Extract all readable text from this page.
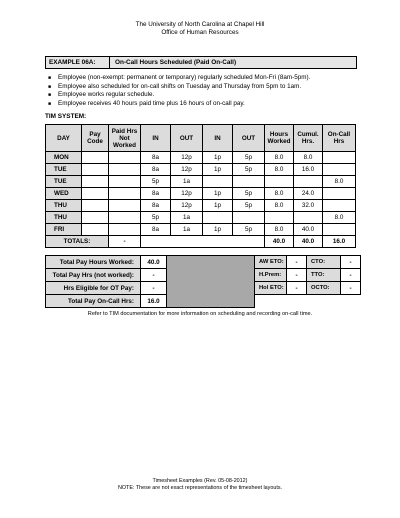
The University of North Carolina at Chapel Hill
Office of Human Resources
EXAMPLE 06A:	On-Call Hours Scheduled (Paid On-Call)
■	Employee (non-exempt: permanent or temporary) regularly scheduled Mon-Fri (8am-5pm).
■	Employee also scheduled for on-call shifts on Tuesday and Thursday from 5pm to 1am.
■	Employee works regular schedule.
■	Employee receives 40 hours paid time plus 16 hours of on-call pay.
TIM SYSTEM:
DAY	Pay Code	Paid Hrs Not Worked	IN	OUT	IN	OUT	Hours Worked	Cumul. Hrs.	On-Call Hrs
MON			8a	12p	1p	5p	8.0	8.0	
TUE			8a	12p	1p	5p	8.0	16.0	
TUE			5p	1a					8.0
WED			8a	12p	1p	5p	8.0	24.0	
THU			8a	12p	1p	5p	8.0	32.0	
THU			5p	1a					8.0
FRI			8a	1a	1p	5p	8.0	40.0	
TOTALS:		-					40.0	40.0	16.0
Total Pay Hours Worked:	40.0		AW ETO:	-	CTO:	-
Total Pay Hrs (not worked):	-		H.Prem:	-	TTO:	-
Hrs Eligible for OT Pay:	-		Hol ETO:	-	OCTO:	-
Total Pay On-Call Hrs:	16.0					
Refer to TIM documentation for more information on scheduling and recording on-call time.
Timesheet Examples (Rev. 05-08-2012)
NOTE: These are not exact representations of the timesheet layouts.
